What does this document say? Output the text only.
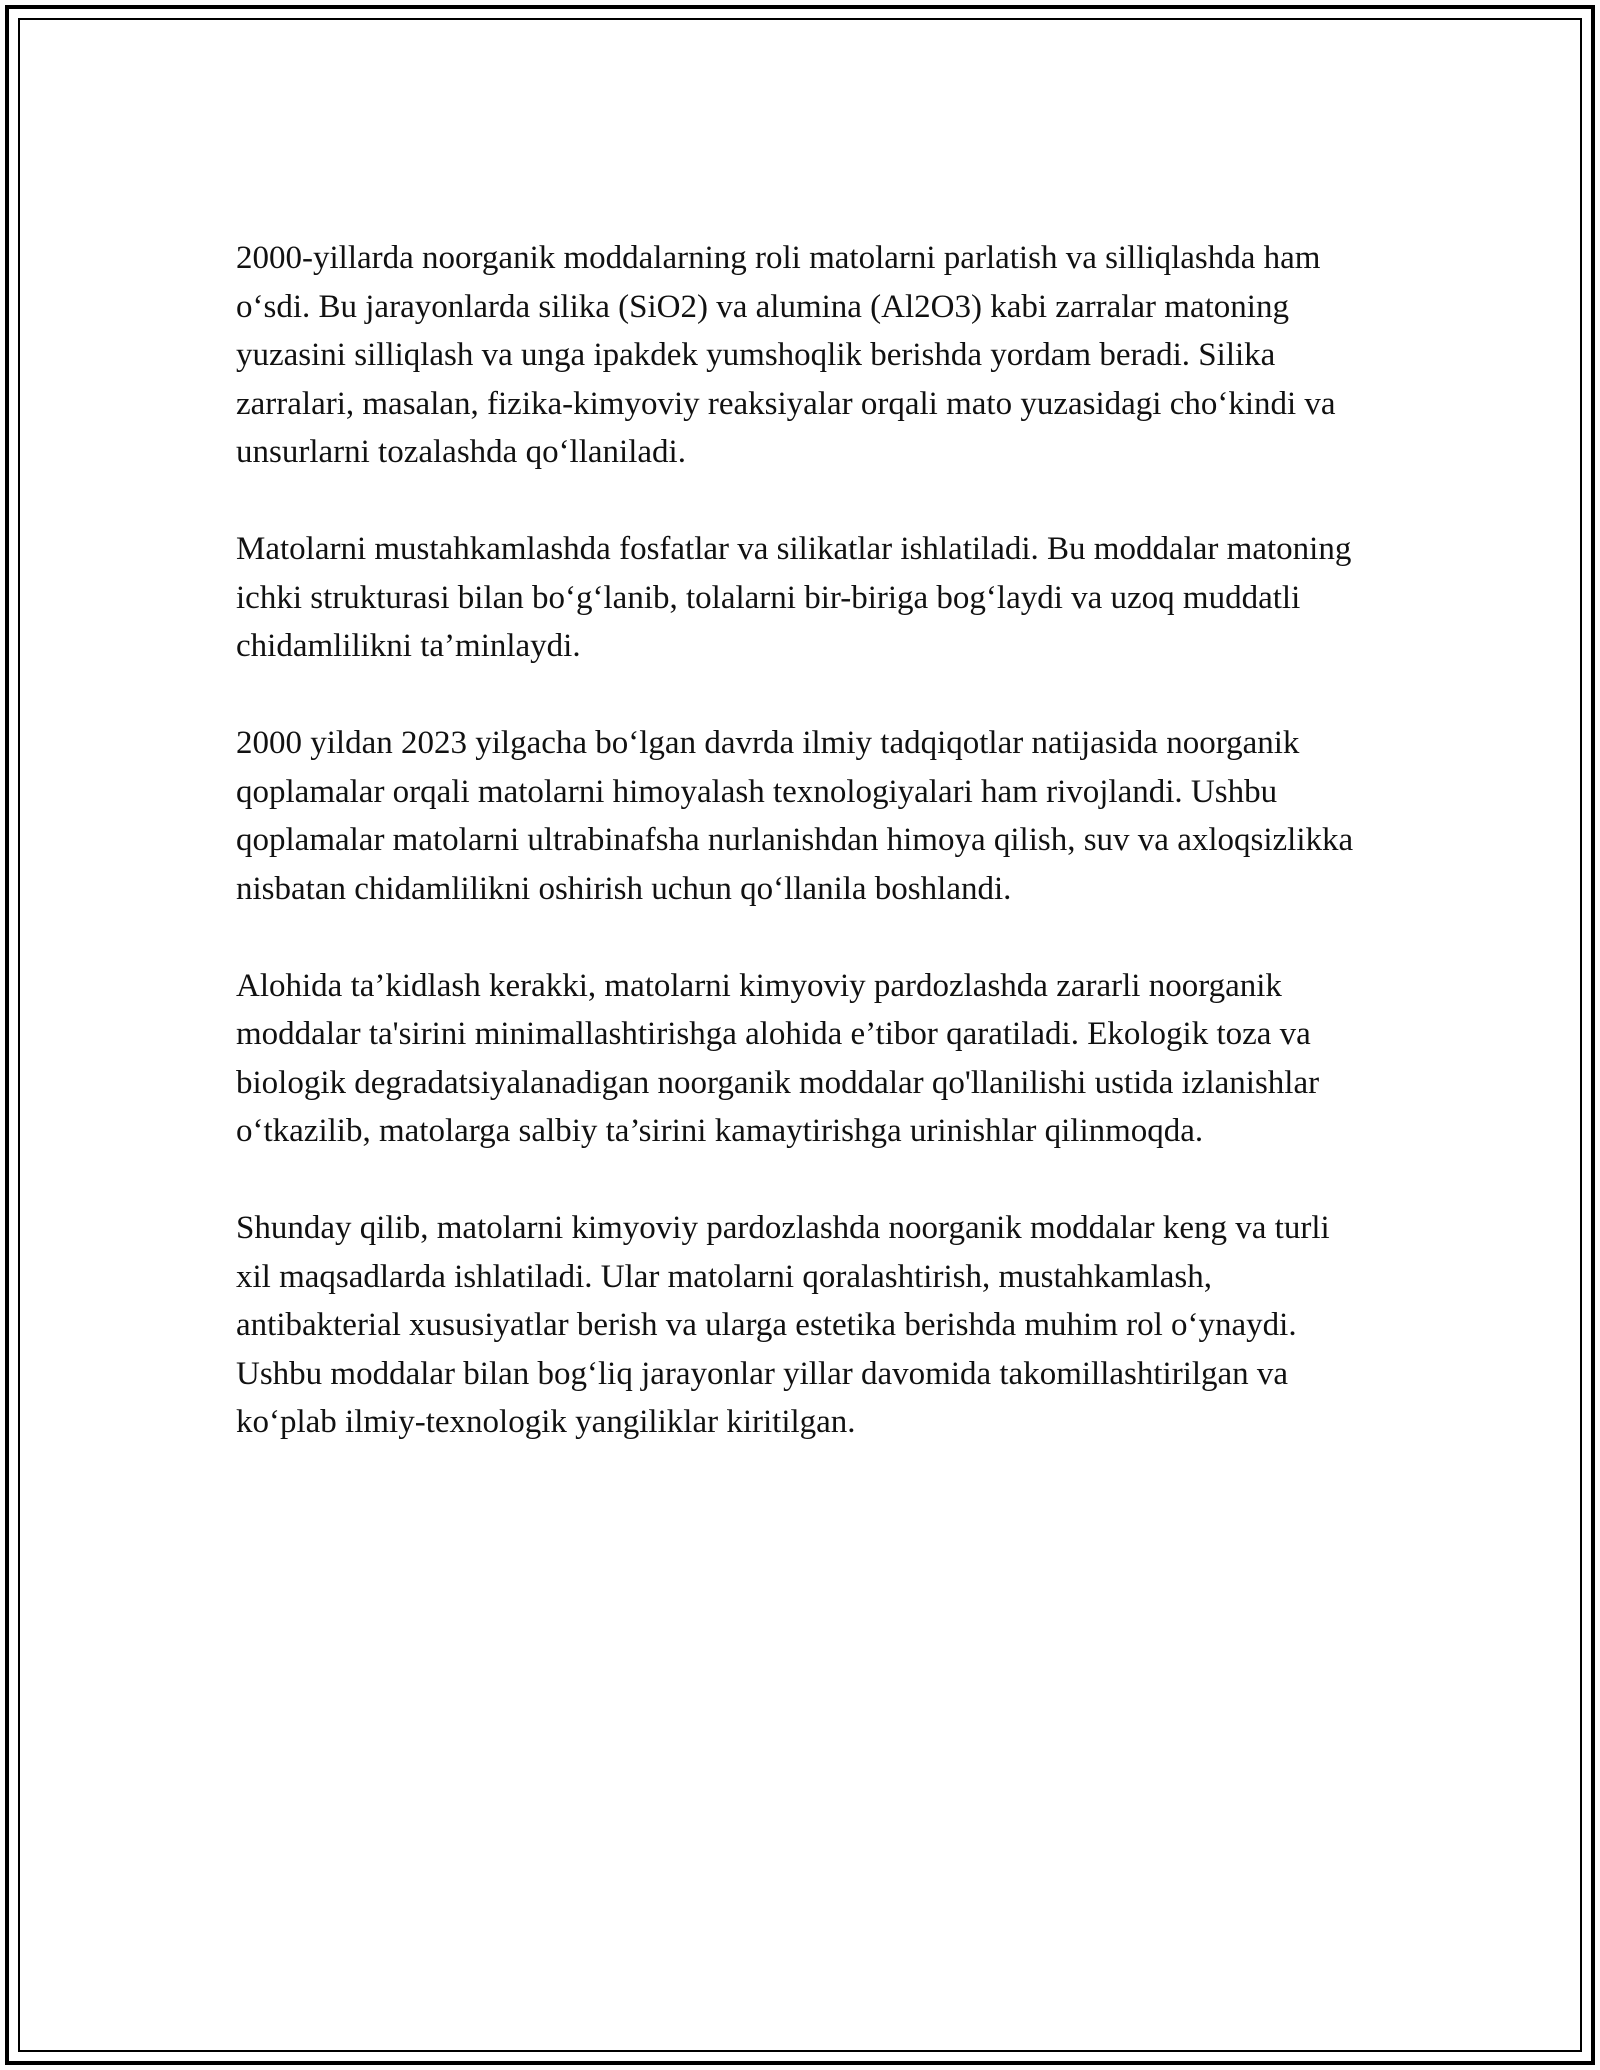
2000-yillarda noorganik moddalarning roli matolarni parlatish va silliqlashda ham o‘sdi. Bu jarayonlarda silika (SiO2) va alumina (Al2O3) kabi zarralar matoning yuzasini silliqlash va unga ipakdek yumshoqlik berishda yordam beradi. Silika zarralari, masalan, fizika-kimyoviy reaksiyalar orqali mato yuzasidagi cho‘kindi va unsurlarni tozalashda qo‘llaniladi.

Matolarni mustahkamlashda fosfatlar va silikatlar ishlatiladi. Bu moddalar matoning ichki strukturasi bilan bo‘g‘lanib, tolalarni bir-biriga bog‘laydi va uzoq muddatli chidamlilikni ta’minlaydi.

2000 yildan 2023 yilgacha bo‘lgan davrda ilmiy tadqiqotlar natijasida noorganik qoplamalar orqali matolarni himoyalash texnologiyalari ham rivojlandi. Ushbu qoplamalar matolarni ultrabinafsha nurlanishdan himoya qilish, suv va axloqsizlikka nisbatan chidamlilikni oshirish uchun qo‘llanila boshlandi.

Alohida ta’kidlash kerakki, matolarni kimyoviy pardozlashda zararli noorganik moddalar ta'sirini minimallashtirishga alohida e’tibor qaratiladi. Ekologik toza va biologik degradatsiyalanadigan noorganik moddalar qo'llanilishi ustida izlanishlar o‘tkazilib, matolarga salbiy ta’sirini kamaytirishga urinishlar qilinmoqda.

Shunday qilib, matolarni kimyoviy pardozlashda noorganik moddalar keng va turli xil maqsadlarda ishlatiladi. Ular matolarni qoralashtirish, mustahkamlash, antibakterial xususiyatlar berish va ularga estetika berishda muhim rol o‘ynaydi. Ushbu moddalar bilan bog‘liq jarayonlar yillar davomida takomillashtirilgan va ko‘plab ilmiy-texnologik yangiliklar kiritilgan.
